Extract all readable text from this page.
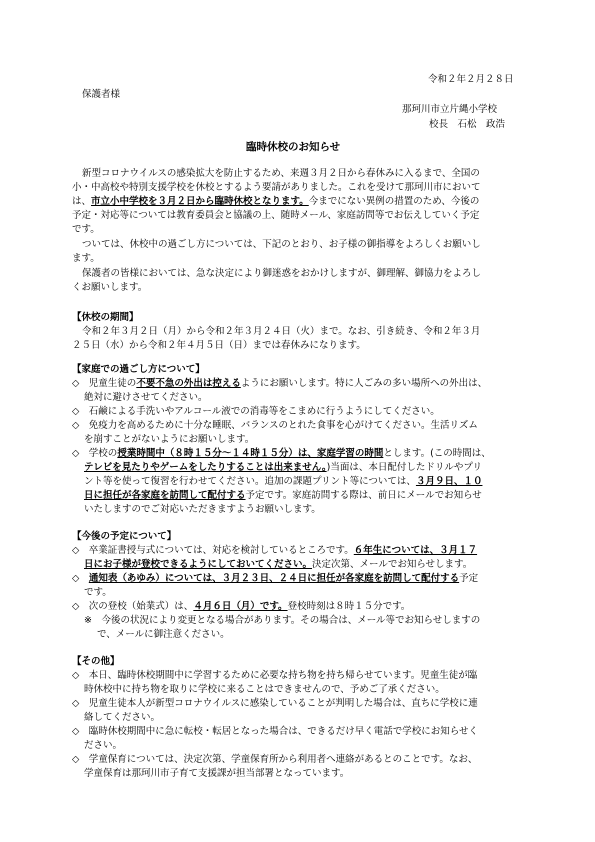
令和２年２月２８日
保護者様
那珂川市立片縄小学校
校長　石松　政浩
臨時休校のお知らせ
新型コロナウイルスの感染拡大を防止するため、来週３月２日から春休みに入るまで、全国の
小・中高校や特別支援学校を休校とするよう要請がありました。これを受けて那珂川市において
は、市立小中学校を３月２日から臨時休校となります。今までにない異例の措置のため、今後の
予定・対応等については教育委員会と協議の上、随時メール、家庭訪問等でお伝えしていく予定
です。
ついては、休校中の過ごし方については、下記のとおり、お子様の御指導をよろしくお願いし
ます。
保護者の皆様においては、急な決定により御迷惑をおかけしますが、御理解、御協力をよろし
くお願いします。
【休校の期間】
令和２年３月２日（月）から令和２年３月２４日（火）まで。なお、引き続き、令和２年３月
２５日（水）から令和２年４月５日（日）までは春休みになります。
【家庭での過ごし方について】
◇　児童生徒の不要不急の外出は控えるようにお願いします。特に人ごみの多い場所への外出は、
絶対に避けさせてください。
◇　石鹸による手洗いやアルコール液での消毒等をこまめに行うようにしてください。
◇　免疫力を高めるために十分な睡眠、バランスのとれた食事を心がけてください。生活リズム
を崩すことがないようにお願いします。
◇　学校の授業時間中（８時１５分～１４時１５分）は、家庭学習の時間とします。(この時間は、
テレビを見たりやゲームをしたりすることは出来ません。)当面は、本日配付したドリルやプリ
ント等を使って復習を行わせてください。追加の課題プリント等については、３月９日、１０
日に担任が各家庭を訪問して配付する予定です。家庭訪問する際は、前日にメールでお知らせ
いたしますのでご対応いただきますようお願いします。
【今後の予定について】
◇　卒業証書授与式については、対応を検討しているところです。６年生については、３月１７
日にお子様が登校できるようにしておいてください。決定次第、メールでお知らせします。
◇　通知表（あゆみ）については、３月２３日、２４日に担任が各家庭を訪問して配付する予定
です。
◇　次の登校（始業式）は、４月６日（月）です。登校時刻は８時１５分です。
※　今後の状況により変更となる場合があります。その場合は、メール等でお知らせしますの
で、メールに御注意ください。
【その他】
◇　本日、臨時休校期間中に学習するために必要な持ち物を持ち帰らせています。児童生徒が臨
時休校中に持ち物を取りに学校に来ることはできませんので、予めご了承ください。
◇　児童生徒本人が新型コロナウイルスに感染していることが判明した場合は、直ちに学校に連
絡してください。
◇　臨時休校期間中に急に転校・転居となった場合は、できるだけ早く電話で学校にお知らせく
ださい。
◇　学童保育については、決定次第、学童保育所から利用者へ連絡があるとのことです。なお、
学童保育は那珂川市子育て支援課が担当部署となっています。
